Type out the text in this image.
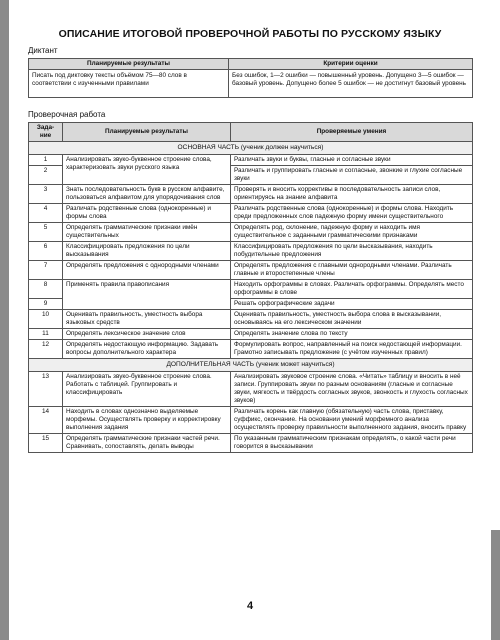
ОПИСАНИЕ ИТОГОВОЙ ПРОВЕРОЧНОЙ РАБОТЫ ПО РУССКОМУ ЯЗЫКУ
Диктант
Планируемые результаты	Критерии оценки
Писать под диктовку тексты объёмом 75—80 слов в соответствии с изученными правилами	Без ошибок, 1—2 ошибки — повышенный уровень. Допущено 3—5 ошибок — базовый уровень. Допущено более 5 ошибок — не достигнут базовый уровень
Проверочная работа
Зада-ние	Планируемые результаты	Проверяемые умения
ОСНОВНАЯ ЧАСТЬ (ученик должен научиться)		
1	Анализировать звуко-буквенное строение слова, характеризовать звуки русского языка	Различать звуки и буквы, гласные и согласные звуки
2		Различать и группировать гласные и согласные, звонкие и глухие согласные звуки
3	Знать последовательность букв в русском алфавите, пользоваться алфавитом для упорядочивания слов	Проверять и вносить коррективы в последовательность записи слов, ориентируясь на знание алфавита
4	Различать родственные слова (однокоренные) и формы слова	Различать родственные слова (однокоренные) и формы слова. Находить среди предложенных слов падежную форму имени существительного
5	Определять грамматические признаки имён существительных	Определять род, склонение, падежную форму и находить имя существительное с заданными грамматическими признаками
6	Классифицировать предложения по цели высказывания	Классифицировать предложения по цели высказывания, находить побудительные предложения
7	Определять предложения с однородными членами	Определять предложения с главными однородными членами. Различать главные и второстепенные члены
8	Применять правила правописания	Находить орфограммы в словах. Различать орфограммы. Определять место орфограммы в слове
9		Решать орфографические задачи
10	Оценивать правильность, уместность выбора языковых средств	Оценивать правильность, уместность выбора слова в высказывании, основываясь на его лексическом значении
11	Определять лексическое значение слов	Определять значение слова по тексту
12	Определять недостающую информацию. Задавать вопросы дополнительного характера	Формулировать вопрос, направленный на поиск недостающей информации. Грамотно записывать предложение (с учётом изученных правил)
ДОПОЛНИТЕЛЬНАЯ ЧАСТЬ (ученик может научиться)		
13	Анализировать звуко-буквенное строение слова. Работать с таблицей. Группировать и классифицировать	Анализировать звуковое строение слова. «Читать» таблицу и вносить в неё записи. Группировать звуки по разным основаниям (гласные и согласные звуки, мягкость и твёрдость согласных звуков, звонкость и глухость согласных звуков)
14	Находить в словах однозначно выделяемые морфемы. Осуществлять проверку и корректировку выполнения задания	Различать корень как главную (обязательную) часть слова, приставку, суффикс, окончание. На основании умений морфемного анализа осуществлять проверку правильности выполненного задания, вносить правку
15	Определять грамматические признаки частей речи. Сравнивать, сопоставлять, делать выводы	По указанным грамматическим признакам определять, о какой части речи говорится в высказывании
4
